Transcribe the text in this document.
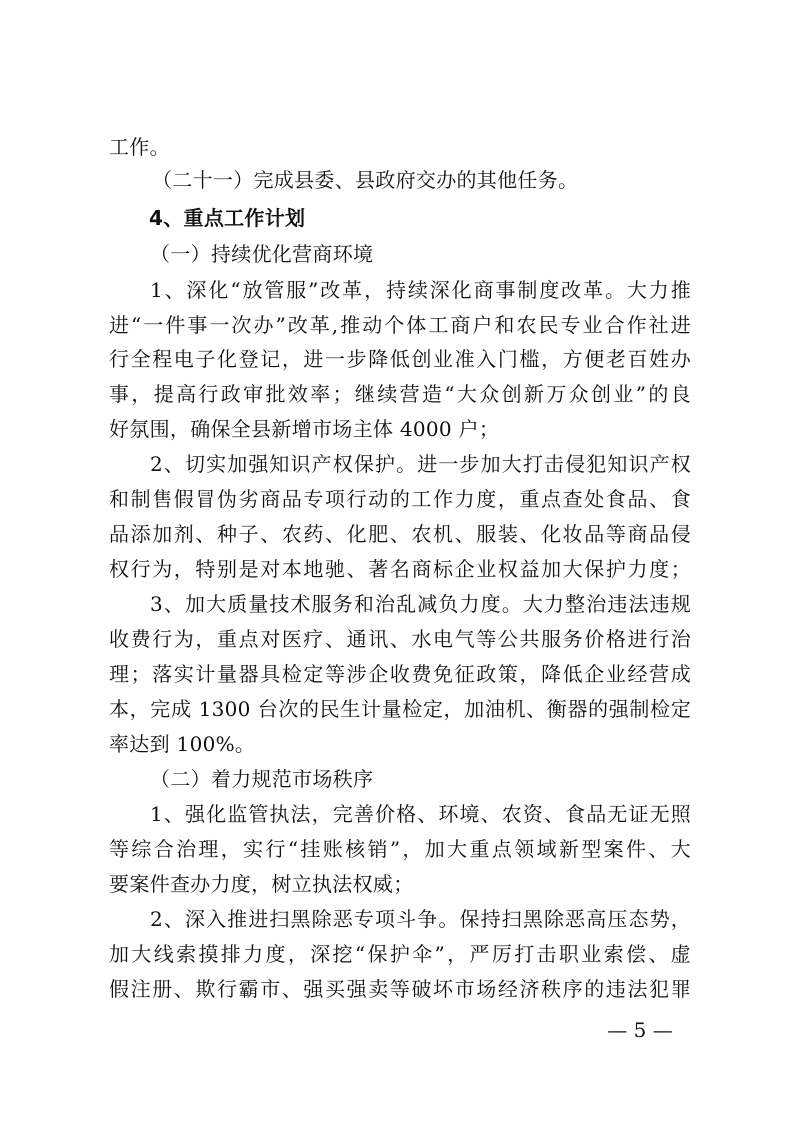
工作。
（二十一）完成县委、县政府交办的其他任务。
4、重点工作计划
（一）持续优化营商环境
1、深化“放管服”改革，持续深化商事制度改革。大力推
进“一件事一次办”改革,推动个体工商户和农民专业合作社进
行全程电子化登记，进一步降低创业准入门槛，方便老百姓办
事，提高行政审批效率；继续营造“大众创新万众创业”的良
好氛围，确保全县新增市场主体 4000 户；
2、切实加强知识产权保护。进一步加大打击侵犯知识产权
和制售假冒伪劣商品专项行动的工作力度，重点查处食品、食
品添加剂、种子、农药、化肥、农机、服装、化妆品等商品侵
权行为，特别是对本地驰、著名商标企业权益加大保护力度；
3、加大质量技术服务和治乱减负力度。大力整治违法违规
收费行为，重点对医疗、通讯、水电气等公共服务价格进行治
理；落实计量器具检定等涉企收费免征政策，降低企业经营成
本，完成 1300 台次的民生计量检定，加油机、衡器的强制检定
率达到 100%。
（二）着力规范市场秩序
1、强化监管执法，完善价格、环境、农资、食品无证无照
等综合治理，实行“挂账核销”，加大重点领域新型案件、大
要案件查办力度，树立执法权威；
2、深入推进扫黑除恶专项斗争。保持扫黑除恶高压态势，
加大线索摸排力度，深挖“保护伞”，严厉打击职业索偿、虚
假注册、欺行霸市、强买强卖等破坏市场经济秩序的违法犯罪
— 5 —
